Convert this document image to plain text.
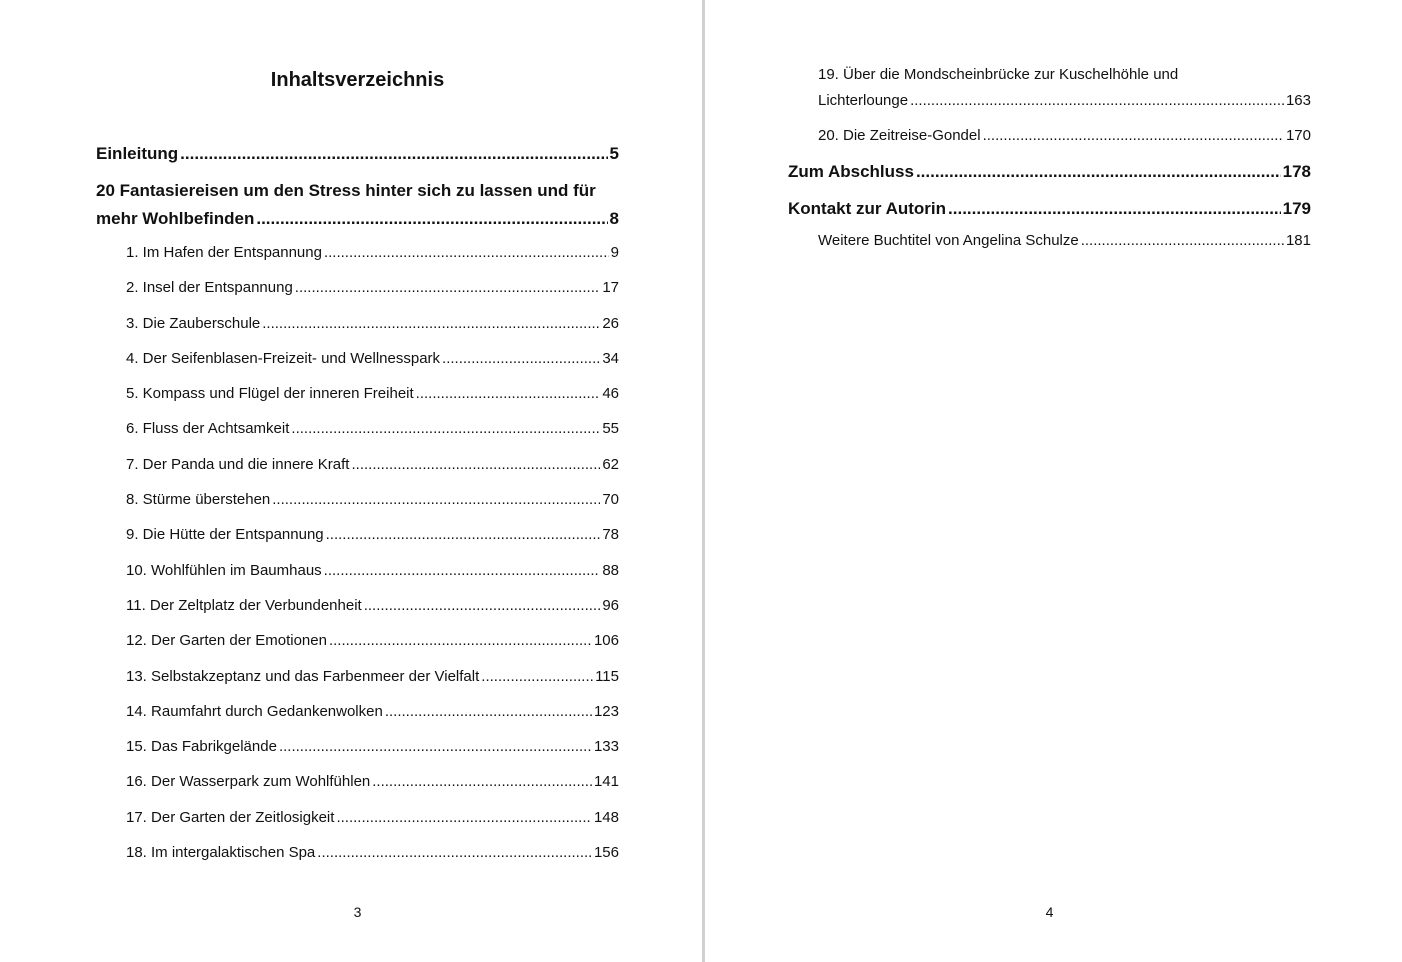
Inhaltsverzeichnis
Einleitung .....	5
20 Fantasiereisen um den Stress hinter sich zu lassen und für
mehr Wohlbefinden .....	8
1. Im Hafen der Entspannung .....	9
2. Insel der Entspannung .....	17
3. Die Zauberschule .....	26
4. Der Seifenblasen-Freizeit- und Wellnesspark .....	34
5. Kompass und Flügel der inneren Freiheit .....	46
6. Fluss der Achtsamkeit .....	55
7. Der Panda und die innere Kraft .....	62
8. Stürme überstehen .....	70
9. Die Hütte der Entspannung .....	78
10. Wohlfühlen im Baumhaus .....	88
11. Der Zeltplatz der Verbundenheit .....	96
12. Der Garten der Emotionen .....	106
13. Selbstakzeptanz und das Farbenmeer der Vielfalt .....	115
14. Raumfahrt durch Gedankenwolken .....	123
15. Das Fabrikgelände .....	133
16. Der Wasserpark zum Wohlfühlen .....	141
17. Der Garten der Zeitlosigkeit .....	148
18. Im intergalaktischen Spa .....	156
3
19. Über die Mondscheinbrücke zur Kuschelhöhle und
Lichterlounge .....	163
20. Die Zeitreise-Gondel .....	170
Zum Abschluss .....	178
Kontakt zur Autorin .....	179
Weitere Buchtitel von Angelina Schulze .....	181
4
